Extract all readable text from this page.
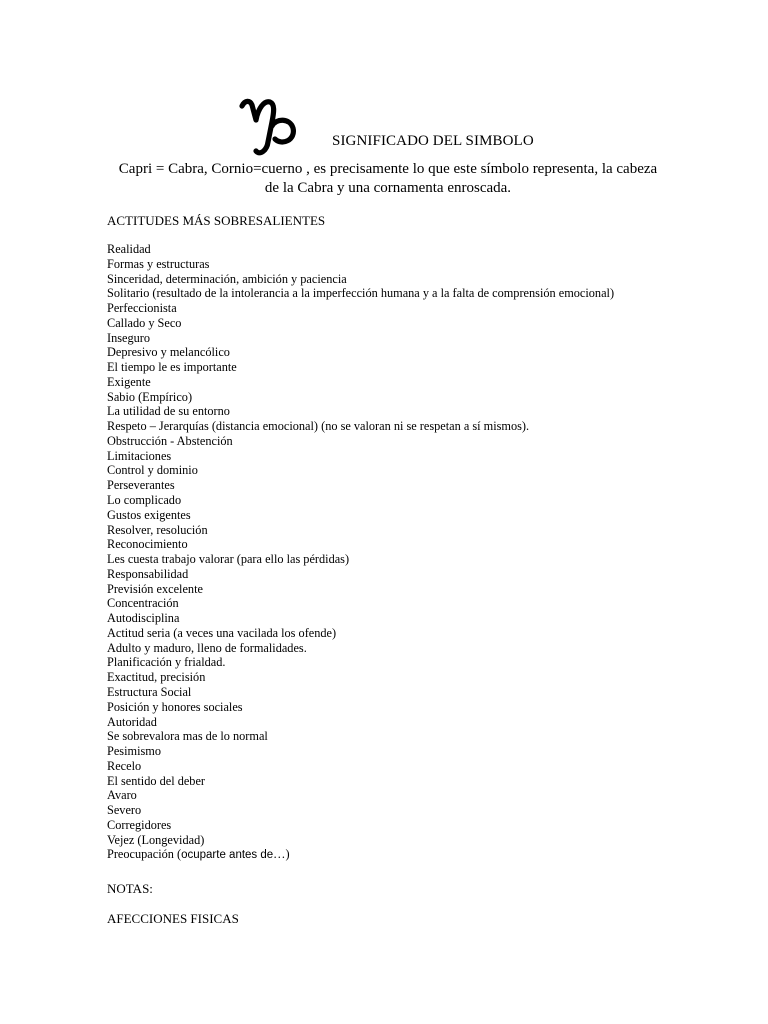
SIGNIFICADO DEL SIMBOLO
Capri = Cabra, Cornio=cuerno , es precisamente lo que este símbolo representa, la cabeza
de la Cabra y una cornamenta enroscada.
ACTITUDES MÁS SOBRESALIENTES
Realidad
Formas y estructuras
Sinceridad, determinación, ambición y paciencia
Solitario (resultado de la intolerancia a la imperfección humana y a la falta de comprensión emocional)
Perfeccionista
Callado y Seco
Inseguro
Depresivo y melancólico
El tiempo le es importante
Exigente
Sabio (Empírico)
La utilidad de su entorno
Respeto – Jerarquías (distancia emocional) (no se valoran ni se respetan a sí mismos).
Obstrucción - Abstención
Limitaciones
Control y dominio
Perseverantes
Lo complicado
Gustos exigentes
Resolver, resolución
Reconocimiento
Les cuesta trabajo valorar (para ello las pérdidas)
Responsabilidad
Previsión excelente
Concentración
Autodisciplina
Actitud seria (a veces una vacilada los ofende)
Adulto y maduro, lleno de formalidades.
Planificación y frialdad.
Exactitud, precisión
Estructura Social
Posición y honores sociales
Autoridad
Se sobrevalora mas de lo normal
Pesimismo
Recelo
El sentido del deber
Avaro
Severo
Corregidores
Vejez (Longevidad)
Preocupación (ocuparte antes de…)
NOTAS:
AFECCIONES FISICAS
